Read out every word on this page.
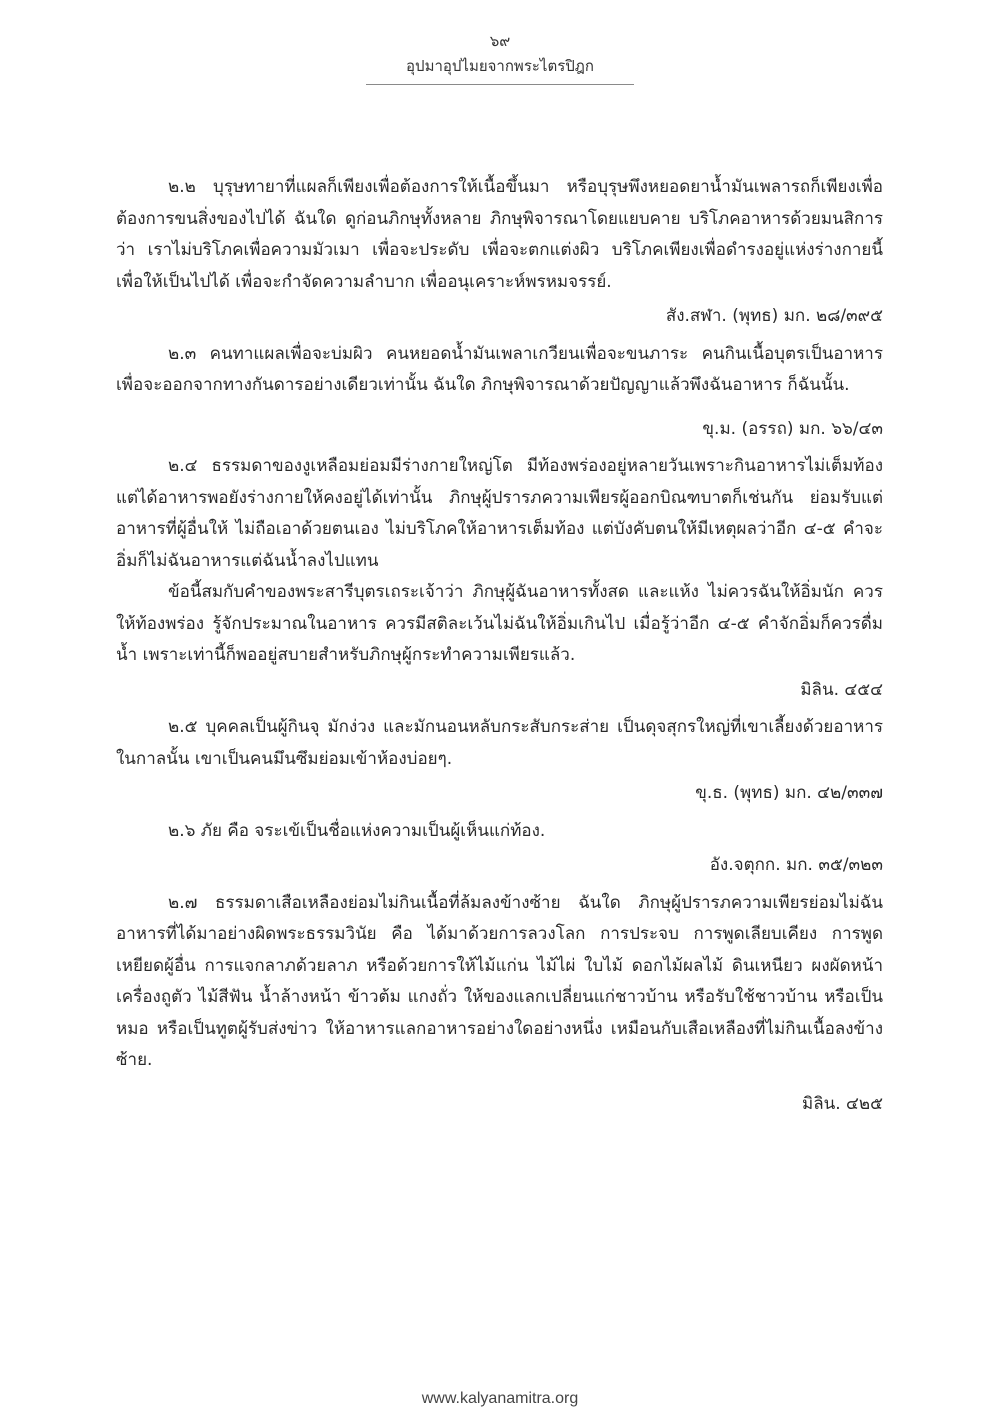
๖๙
อุปมาอุปไมยจากพระไตรปิฎก

๒.๒ บุรุษทายาที่แผลก็เพียงเพื่อต้องการให้เนื้อขึ้นมา หรือบุรุษพึงหยอดยาน้ำมันเพลารถก็เพียงเพื่อต้องการขนสิ่งของไปได้ ฉันใด ดูก่อนภิกษุทั้งหลาย ภิกษุพิจารณาโดยแยบคาย บริโภคอาหารด้วยมนสิการว่า เราไม่บริโภคเพื่อความมัวเมา เพื่อจะประดับ เพื่อจะตกแต่งผิว บริโภคเพียงเพื่อดำรงอยู่แห่งร่างกายนี้ เพื่อให้เป็นไปได้ เพื่อจะกำจัดความลำบาก เพื่ออนุเคราะห์พรหมจรรย์.

สัง.สฬา. (พุทธ) มก. ๒๘/๓๙๕

๒.๓ คนทาแผลเพื่อจะบ่มผิว คนหยอดน้ำมันเพลาเกวียนเพื่อจะขนภาระ คนกินเนื้อบุตรเป็นอาหาร เพื่อจะออกจากทางกันดารอย่างเดียวเท่านั้น ฉันใด ภิกษุพิจารณาด้วยปัญญาแล้วพึงฉันอาหาร ก็ฉันนั้น.

ขุ.ม. (อรรถ) มก. ๖๖/๔๓

๒.๔ ธรรมดาของงูเหลือมย่อมมีร่างกายใหญ่โต มีท้องพร่องอยู่หลายวันเพราะกินอาหารไม่เต็มท้อง แต่ได้อาหารพอยังร่างกายให้คงอยู่ได้เท่านั้น ภิกษุผู้ปรารภความเพียรผู้ออกบิณฑบาตก็เช่นกัน ย่อมรับแต่อาหารที่ผู้อื่นให้ ไม่ถือเอาด้วยตนเอง ไม่บริโภคให้อาหารเต็มท้อง แต่บังคับตนให้มีเหตุผลว่าอีก ๔-๕ คำจะอิ่มก็ไม่ฉันอาหารแต่ฉันน้ำลงไปแทน

ข้อนี้สมกับคำของพระสารีบุตรเถระเจ้าว่า ภิกษุผู้ฉันอาหารทั้งสด และแห้ง ไม่ควรฉันให้อิ่มนัก ควรให้ท้องพร่อง รู้จักประมาณในอาหาร ควรมีสติละเว้นไม่ฉันให้อิ่มเกินไป เมื่อรู้ว่าอีก ๔-๕ คำจักอิ่มก็ควรดื่มน้ำ เพราะเท่านี้ก็พออยู่สบายสำหรับภิกษุผู้กระทำความเพียรแล้ว.

มิลิน. ๔๕๔

๒.๕ บุคคลเป็นผู้กินจุ มักง่วง และมักนอนหลับกระสับกระส่าย เป็นดุจสุกรใหญ่ที่เขาเลี้ยงด้วยอาหาร ในกาลนั้น เขาเป็นคนมึนซึมย่อมเข้าห้องบ่อยๆ.

ขุ.ธ. (พุทธ) มก. ๔๒/๓๓๗

๒.๖ ภัย คือ จระเข้เป็นชื่อแห่งความเป็นผู้เห็นแก่ท้อง.

อัง.จตุกก. มก. ๓๕/๓๒๓

๒.๗ ธรรมดาเสือเหลืองย่อมไม่กินเนื้อที่ล้มลงข้างซ้าย ฉันใด ภิกษุผู้ปรารภความเพียรย่อมไม่ฉันอาหารที่ได้มาอย่างผิดพระธรรมวินัย คือ ได้มาด้วยการลวงโลก การประจบ การพูดเลียบเคียง การพูดเหยียดผู้อื่น การแจกลาภด้วยลาภ หรือด้วยการให้ไม้แก่น ไม้ไผ่ ใบไม้ ดอกไม้ผลไม้ ดินเหนียว ผงผัดหน้า เครื่องถูตัว ไม้สีฟัน น้ำล้างหน้า ข้าวต้ม แกงถั่ว ให้ของแลกเปลี่ยนแก่ชาวบ้าน หรือรับใช้ชาวบ้าน หรือเป็นหมอ หรือเป็นทูตผู้รับส่งข่าว ให้อาหารแลกอาหารอย่างใดอย่างหนึ่ง เหมือนกับเสือเหลืองที่ไม่กินเนื้อลงข้างซ้าย.

มิลิน. ๔๒๕
www.kalyanamitra.org
